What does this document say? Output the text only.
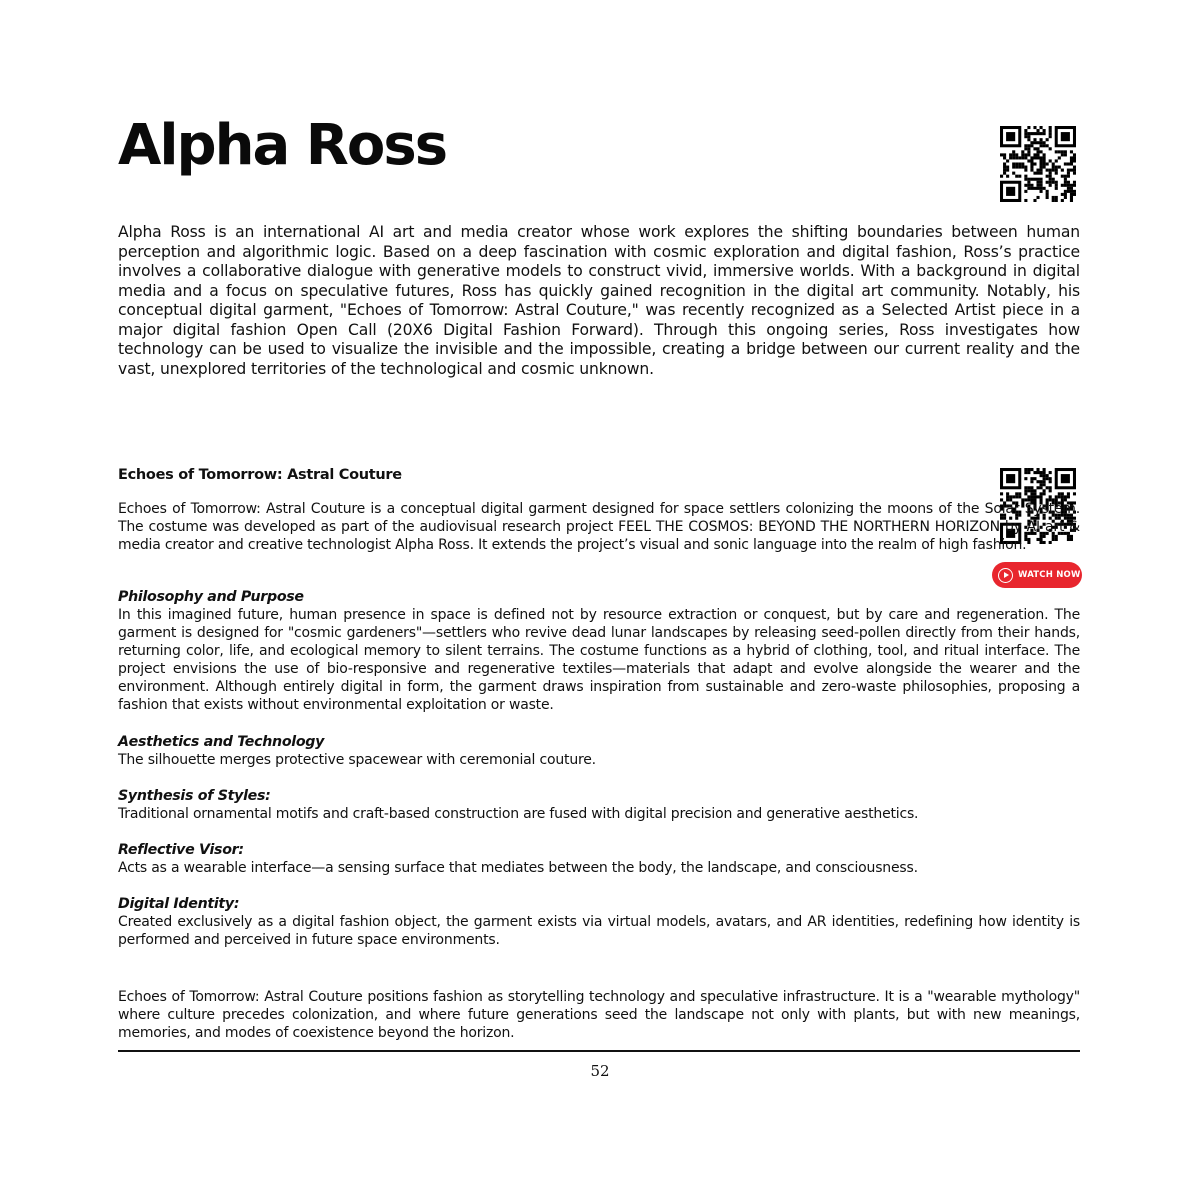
Alpha Ross

Alpha Ross is an international AI art and media creator whose work explores the shifting boundaries between human perception and algorithmic logic. Based on a deep fascination with cosmic exploration and digital fashion, Ross’s practice involves a collaborative dialogue with generative models to construct vivid, immersive worlds. With a background in digital media and a focus on speculative futures, Ross has quickly gained recognition in the digital art community. Notably, his conceptual digital garment, "Echoes of Tomorrow: Astral Couture," was recently recognized as a Selected Artist piece in a major digital fashion Open Call (20X6 Digital Fashion Forward). Through this ongoing series, Ross investigates how technology can be used to visualize the invisible and the impossible, creating a bridge between our current reality and the vast, unexplored territories of the technological and cosmic unknown.

Echoes of Tomorrow: Astral Couture
WATCH NOW

Echoes of Tomorrow: Astral Couture is a conceptual digital garment designed for space settlers colonizing the moons of the Solar System. The costume was developed as part of the audiovisual research project FEEL THE COSMOS: BEYOND THE NORTHERN HORIZON by AI art & media creator and creative technologist Alpha Ross. It extends the project’s visual and sonic language into the realm of high fashion.

Philosophy and Purpose

In this imagined future, human presence in space is defined not by resource extraction or conquest, but by care and regeneration. The garment is designed for "cosmic gardeners"—settlers who revive dead lunar landscapes by releasing seed-pollen directly from their hands, returning color, life, and ecological memory to silent terrains. The costume functions as a hybrid of clothing, tool, and ritual interface. The project envisions the use of bio-responsive and regenerative textiles—materials that adapt and evolve alongside the wearer and the environment. Although entirely digital in form, the garment draws inspiration from sustainable and zero-waste philosophies, proposing a fashion that exists without environmental exploitation or waste.

Aesthetics and Technology

The silhouette merges protective spacewear with ceremonial couture.

Synthesis of Styles:

Traditional ornamental motifs and craft-based construction are fused with digital precision and generative aesthetics.

Reflective Visor:

Acts as a wearable interface—a sensing surface that mediates between the body, the landscape, and consciousness.

Digital Identity:

Created exclusively as a digital fashion object, the garment exists via virtual models, avatars, and AR identities, redefining how identity is performed and perceived in future space environments.

Echoes of Tomorrow: Astral Couture positions fashion as storytelling technology and speculative infrastructure. It is a "wearable mythology" where culture precedes colonization, and where future generations seed the landscape not only with plants, but with new meanings, memories, and modes of coexistence beyond the horizon.

52
